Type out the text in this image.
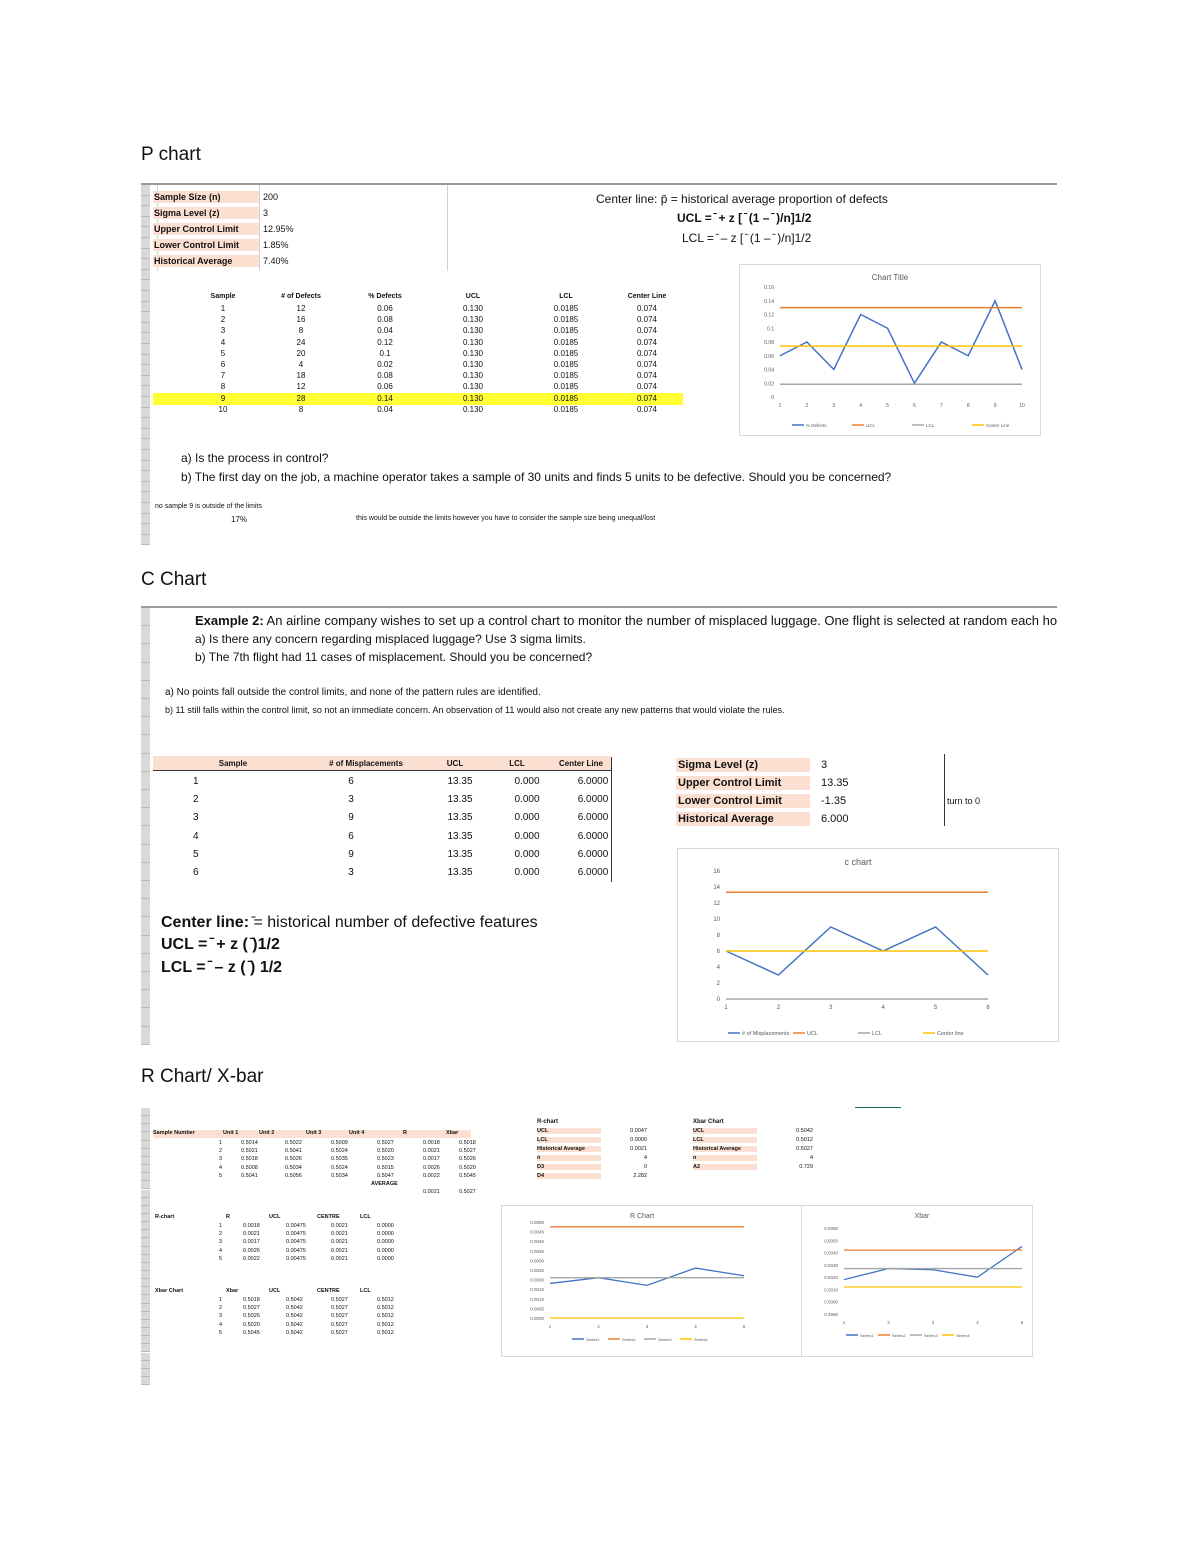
P chart
Sample Size (n)	200
Sigma Level (z)	3
Upper Control Limit	12.95%
Lower Control Limit	1.85%
Historical Average	7.40%
Center line: p̄ = historical average proportion of defects
UCL = ̄ + z [ ̄ (1 – ̄ )/n]1/2
LCL = ̄ – z [ ̄ (1 – ̄ )/n]1/2
Sample	# of Defects	% Defects	UCL	LCL	Center Line
1	12	0.06	0.130	0.0185	0.074
2	16	0.08	0.130	0.0185	0.074
3	8	0.04	0.130	0.0185	0.074
4	24	0.12	0.130	0.0185	0.074
5	20	0.1	0.130	0.0185	0.074
6	4	0.02	0.130	0.0185	0.074
7	18	0.08	0.130	0.0185	0.074
8	12	0.06	0.130	0.0185	0.074
9	28	0.14	0.130	0.0185	0.074
10	8	0.04	0.130	0.0185	0.074
a) Is the process in control?
b) The first day on the job, a machine operator takes a sample of 30 units and finds 5 units to be defective. Should you be concerned?
no sample 9 is outside of the limits
17%	this would be outside the limits however you have to consider the sample size being unequal/lost
Chart Title
0
0.02
0.04
0.06
0.08
0.1
0.12
0.14
0.16
1	2	3	4	5	6	7	8	9	10
% Defects	UCL	LCL	Center Line
C Chart
Example 2: An airline company wishes to set up a control chart to monitor the number of misplaced luggage. One flight is selected at random each ho
a) Is there any concern regarding misplaced luggage? Use 3 sigma limits.
b) The 7th flight had 11 cases of misplacement. Should you be concerned?
a) No points fall outside the control limits, and none of the pattern rules are identified.
b) 11 still falls within the control limit, so not an immediate concern. An observation of 11 would also not create any new patterns that would violate the rules.
Sample	# of Misplacements	UCL	LCL	Center Line
1	6	13.35	0.000	6.0000
2	3	13.35	0.000	6.0000
3	9	13.35	0.000	6.0000
4	6	13.35	0.000	6.0000
5	9	13.35	0.000	6.0000
6	3	13.35	0.000	6.0000
Sigma Level (z)	3
Upper Control Limit	13.35
Lower Control Limit	-1.35
Historical Average	6.000
turn to 0
Center line: ̄= historical number of defective features
UCL = ̄ + z ( ̄)1/2
LCL = ̄ – z ( ̄) 1/2
c chart
0
2
4
6
8
10
12
14
16
1	2	3	4	5	6
# of Misplacements	UCL	LCL	Center line
R Chart/ X-bar
Sample Number	Unit 1	Unit 2	Unit 3	Unit 4	R	Xbar
1	0.5014	0.5022	0.5009	0.5027	0.0018	0.5018
2	0.5021	0.5041	0.5024	0.5020	0.0021	0.5027
3	0.5018	0.5026	0.5035	0.5023	0.0017	0.5026
4	0.5008	0.5034	0.5024	0.5015	0.0026	0.5020
5	0.5041	0.5056	0.5034	0.5047	0.0022	0.5045
AVERAGE
0.0021	0.5027
R-chart
UCL	0.0047
LCL	0.0000
Historical Average	0.0021
n	4
D3	0
D4	2.282
Xbar Chart
UCL	0.5042
LCL	0.5012
Historical Average	0.5027
n	4
A2	0.729
R-chart	R	UCL	CENTRE	LCL
1	0.0018	0.00475	0.0021	0.0000
2	0.0021	0.00475	0.0021	0.0000
3	0.0017	0.00475	0.0021	0.0000
4	0.0026	0.00475	0.0021	0.0000
5	0.0022	0.00475	0.0021	0.0000
Xbar Chart	Xbar	UCL	CENTRE	LCL
1	0.5018	0.5042	0.5027	0.5012
2	0.5027	0.5042	0.5027	0.5012
3	0.5026	0.5042	0.5027	0.5012
4	0.5020	0.5042	0.5027	0.5012
5	0.5045	0.5042	0.5027	0.5012
R Chart
0.0000
0.0005
0.0010
0.0015
0.0020
0.0025
0.0030
0.0035
0.0040
0.0045
0.0050
1	2	3	4	5
Series1	Series2	Series3	Series4
Xbar
0.4990
0.5000
0.5010
0.5020
0.5030
0.5040
0.5050
0.5060
1	2	3	4	5
Series1	Series2	Series3	Series4
